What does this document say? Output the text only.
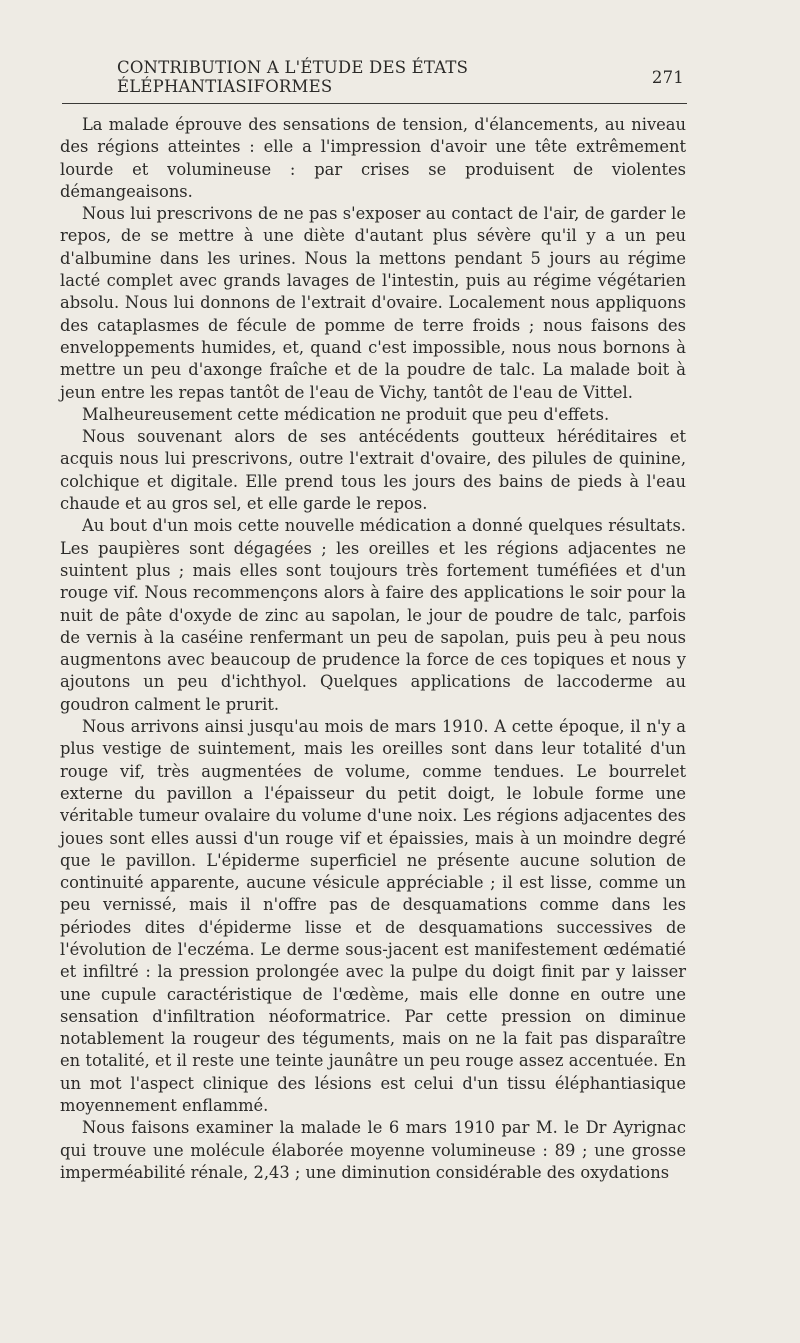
CONTRIBUTION A L'ÉTUDE DES ÉTATS ÉLÉPHANTIASIFORMES	271

La malade éprouve des sensations de tension, d'élancements, au niveau des régions atteintes : elle a l'impression d'avoir une tête extrêmement lourde et volumineuse : par crises se produisent de violentes démangeaisons.

Nous lui prescrivons de ne pas s'exposer au contact de l'air, de garder le repos, de se mettre à une diète d'autant plus sévère qu'il y a un peu d'albumine dans les urines. Nous la mettons pendant 5 jours au régime lacté complet avec grands lavages de l'intestin, puis au régime végétarien absolu. Nous lui donnons de l'extrait d'ovaire. Localement nous appliquons des cataplasmes de fécule de pomme de terre froids ; nous faisons des enveloppements humides, et, quand c'est impossible, nous nous bornons à mettre un peu d'axonge fraîche et de la poudre de talc. La malade boit à jeun entre les repas tantôt de l'eau de Vichy, tantôt de l'eau de Vittel.

Malheureusement cette médication ne produit que peu d'effets.

Nous souvenant alors de ses antécédents goutteux héréditaires et acquis nous lui prescrivons, outre l'extrait d'ovaire, des pilules de quinine, colchique et digitale. Elle prend tous les jours des bains de pieds à l'eau chaude et au gros sel, et elle garde le repos.

Au bout d'un mois cette nouvelle médication a donné quelques résultats. Les paupières sont dégagées ; les oreilles et les régions adjacentes ne suintent plus ; mais elles sont toujours très fortement tuméfiées et d'un rouge vif. Nous recommençons alors à faire des applications le soir pour la nuit de pâte d'oxyde de zinc au sapolan, le jour de poudre de talc, parfois de vernis à la caséine renfermant un peu de sapolan, puis peu à peu nous augmentons avec beaucoup de prudence la force de ces topiques et nous y ajoutons un peu d'ichthyol. Quelques applications de laccoderme au goudron calment le prurit.

Nous arrivons ainsi jusqu'au mois de mars 1910. A cette époque, il n'y a plus vestige de suintement, mais les oreilles sont dans leur totalité d'un rouge vif, très augmentées de volume, comme tendues. Le bourrelet externe du pavillon a l'épaisseur du petit doigt, le lobule forme une véritable tumeur ovalaire du volume d'une noix. Les régions adjacentes des joues sont elles aussi d'un rouge vif et épaissies, mais à un moindre degré que le pavillon. L'épiderme superficiel ne présente aucune solution de continuité apparente, aucune vésicule appréciable ; il est lisse, comme un peu vernissé, mais il n'offre pas de desquamations comme dans les périodes dites d'épiderme lisse et de desquamations successives de l'évolution de l'eczéma. Le derme sous-jacent est manifestement œdématié et infiltré : la pression prolongée avec la pulpe du doigt finit par y laisser une cupule caractéristique de l'œdème, mais elle donne en outre une sensation d'infiltration néoformatrice. Par cette pression on diminue notablement la rougeur des téguments, mais on ne la fait pas disparaître en totalité, et il reste une teinte jaunâtre un peu rouge assez accentuée. En un mot l'aspect clinique des lésions est celui d'un tissu éléphantiasique moyennement enflammé.

Nous faisons examiner la malade le 6 mars 1910 par M. le Dr Ayrignac qui trouve une molécule élaborée moyenne volumineuse : 89 ; une grosse imperméabilité rénale, 2,43 ; une diminution considérable des oxydations
